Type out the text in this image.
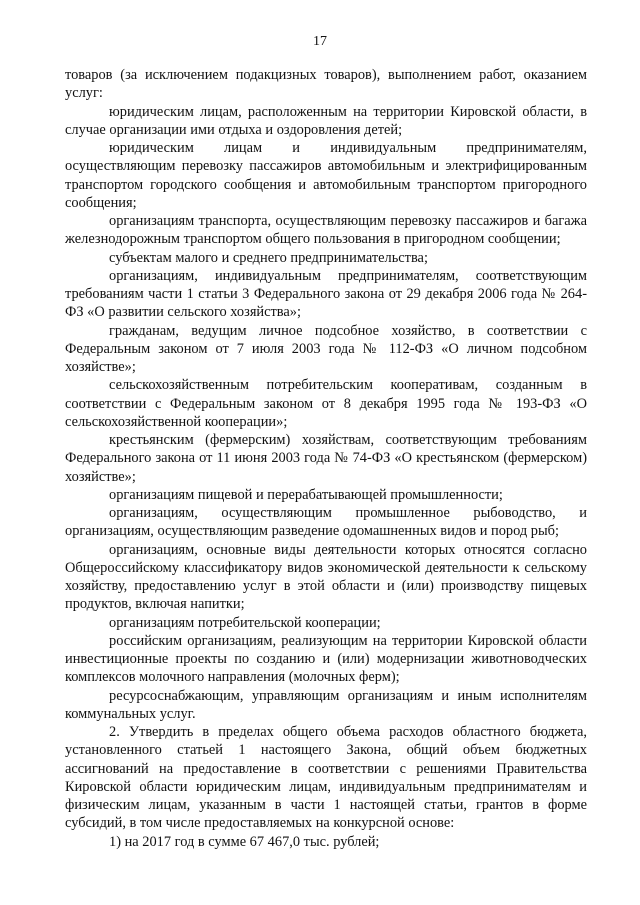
17

товаров (за исключением подакцизных товаров), выполнением работ, оказанием услуг:

юридическим лицам, расположенным на территории Кировской области, в случае организации ими отдыха и оздоровления детей;

юридическим лицам и индивидуальным предпринимателям, осуществляющим перевозку пассажиров автомобильным и электрифицированным транспортом городского сообщения и автомобильным транспортом пригородного сообщения;

организациям транспорта, осуществляющим перевозку пассажиров и багажа железнодорожным транспортом общего пользования в пригородном сообщении;

субъектам малого и среднего предпринимательства;

организациям, индивидуальным предпринимателям, соответствующим требованиям части 1 статьи 3 Федерального закона от 29 декабря 2006 года № 264-ФЗ «О развитии сельского хозяйства»;

гражданам, ведущим личное подсобное хозяйство, в соответствии с Федеральным законом от 7 июля 2003 года № 112-ФЗ «О личном подсобном хозяйстве»;

сельскохозяйственным потребительским кооперативам, созданным в соответствии с Федеральным законом от 8 декабря 1995 года № 193-ФЗ «О сельскохозяйственной кооперации»;

крестьянским (фермерским) хозяйствам, соответствующим требованиям Федерального закона от 11 июня 2003 года № 74-ФЗ «О крестьянском (фермерском) хозяйстве»;

организациям пищевой и перерабатывающей промышленности;

организациям, осуществляющим промышленное рыбоводство, и организациям, осуществляющим разведение одомашненных видов и пород рыб;

организациям, основные виды деятельности которых относятся согласно Общероссийскому классификатору видов экономической деятельности к сельскому хозяйству, предоставлению услуг в этой области и (или) производству пищевых продуктов, включая напитки;

организациям потребительской кооперации;

российским организациям, реализующим на территории Кировской области инвестиционные проекты по созданию и (или) модернизации животноводческих комплексов молочного направления (молочных ферм);

ресурсоснабжающим, управляющим организациям и иным исполнителям коммунальных услуг.

2. Утвердить в пределах общего объема расходов областного бюджета, установленного статьей 1 настоящего Закона, общий объем бюджетных ассигнований на предоставление в соответствии с решениями Правительства Кировской области юридическим лицам, индивидуальным предпринимателям и физическим лицам, указанным в части 1 настоящей статьи, грантов в форме субсидий, в том числе предоставляемых на конкурсной основе:

1) на 2017 год в сумме 67 467,0 тыс. рублей;
